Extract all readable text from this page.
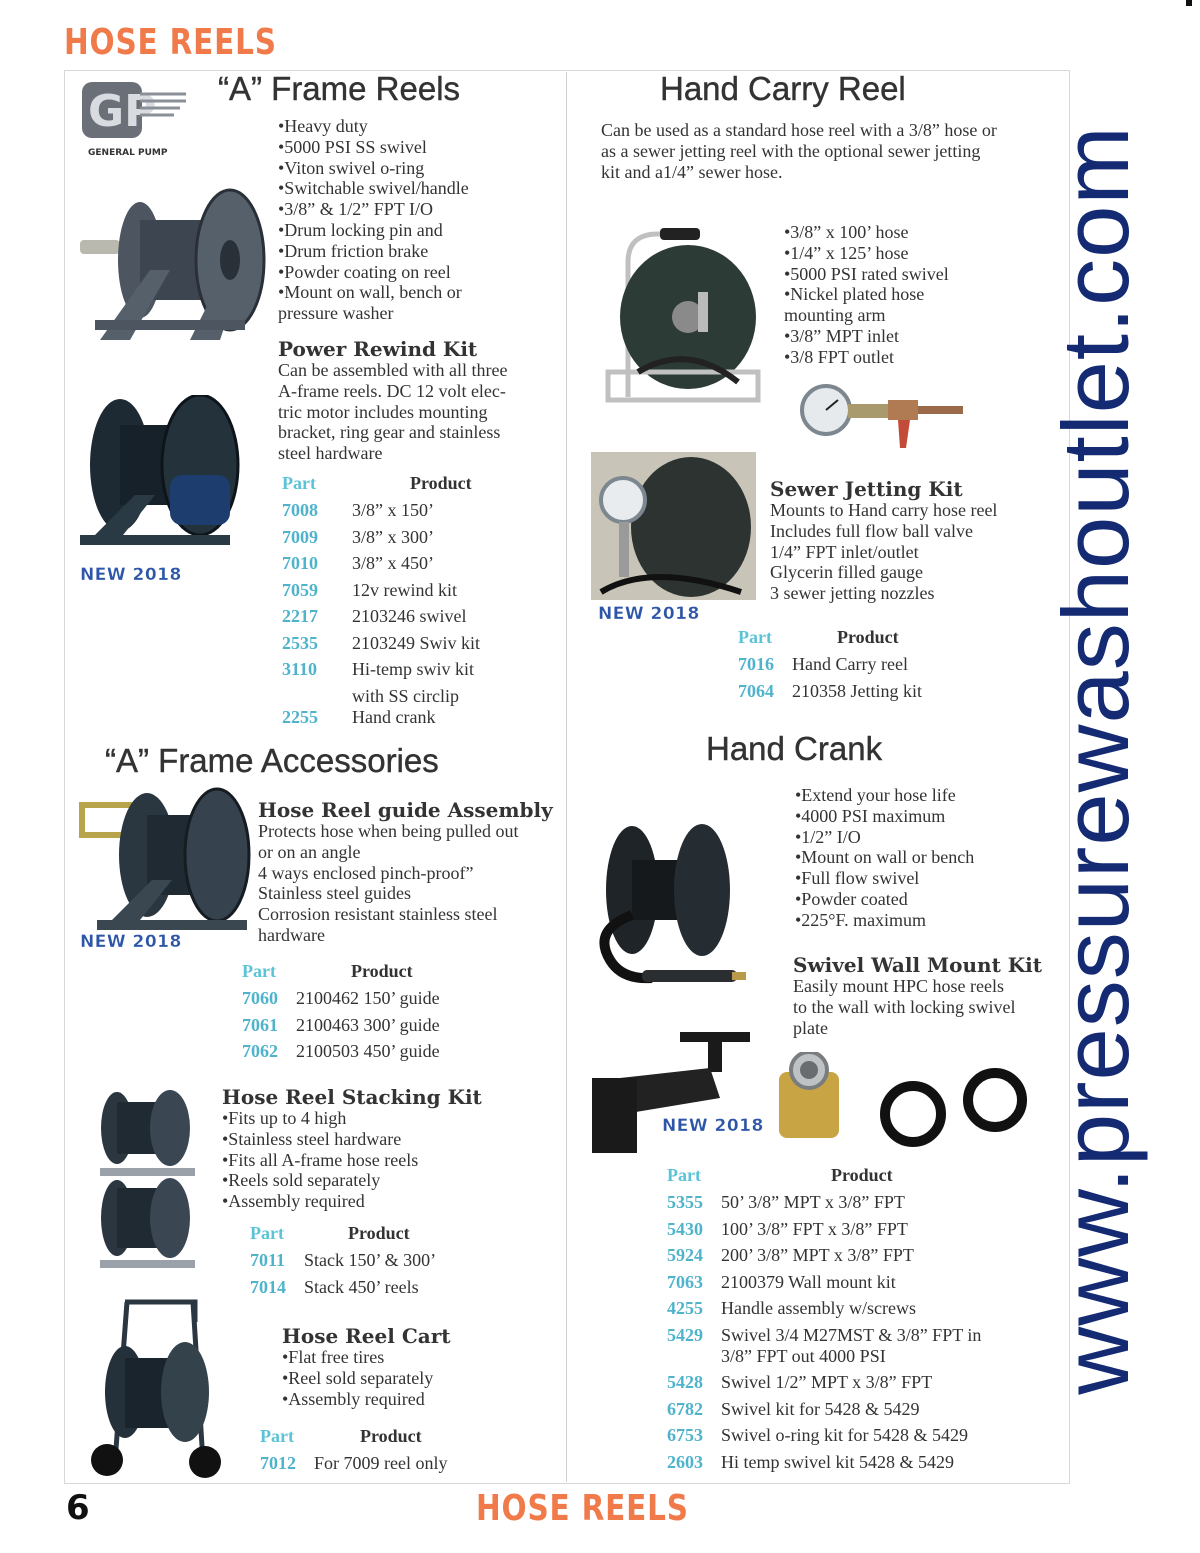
HOSE REELS
GP
GENERAL PUMP
“A” Frame Reels
•Heavy duty
•5000 PSI SS swivel
•Viton swivel o-ring
•Switchable swivel/handle
•3/8” & 1/2” FPT I/O
•Drum locking pin and
•Drum friction brake
•Powder coating on reel
•Mount on wall, bench or
pressure washer
Power Rewind Kit
Can be assembled with all three
A-frame reels. DC 12 volt elec-
tric motor includes mounting
bracket, ring gear and stainless
steel hardware
NEW 2018
Part	Product
7008	3/8” x 150’
7009	3/8” x 300’
7010	3/8” x 450’
7059	12v rewind kit
2217	2103246 swivel
2535	2103249 Swiv kit
3110	Hi-temp swiv kit
	with SS circlip
2255	Hand crank
“A” Frame Accessories
NEW 2018
Hose Reel guide Assembly
Protects hose when being pulled out
or on an angle
4 ways enclosed pinch-proof”
Stainless steel guides
Corrosion resistant stainless steel
hardware
Part	Product
7060	2100462 150’ guide
7061	2100463 300’ guide
7062	2100503 450’ guide
Hose Reel Stacking Kit
•Fits up to 4 high
•Stainless steel hardware
•Fits all A-frame hose reels
•Reels sold separately
•Assembly required
Part	Product
7011	Stack 150’ & 300’
7014	Stack 450’ reels
Hose Reel Cart
•Flat free tires
•Reel sold separately
•Assembly required
Part	Product
7012	For 7009 reel only
Hand Carry Reel
Can be used as a standard hose reel with a 3/8” hose or
as a sewer jetting reel with the optional sewer jetting
kit and a1/4” sewer hose.
•3/8” x 100’ hose
•1/4” x 125’ hose
•5000 PSI rated swivel
•Nickel plated hose
mounting arm
•3/8” MPT inlet
•3/8 FPT outlet
NEW 2018
Sewer Jetting Kit
Mounts to Hand carry hose reel
Includes full flow ball valve
1/4” FPT inlet/outlet
Glycerin filled gauge
3 sewer jetting nozzles
Part	Product
7016	Hand Carry reel
7064	210358 Jetting kit
Hand Crank
•Extend your hose life
•4000 PSI maximum
•1/2” I/O
•Mount on wall or bench
•Full flow swivel
•Powder coated
•225°F. maximum
Swivel Wall Mount Kit
Easily mount HPC hose reels
to the wall with locking swivel
plate
NEW 2018
Part	Product
5355	50’ 3/8” MPT x 3/8” FPT
5430	100’ 3/8” FPT x 3/8” FPT
5924	200’ 3/8” MPT x 3/8” FPT
7063	2100379 Wall mount kit
4255	Handle assembly w/screws
5429	Swivel 3/4 M27MST & 3/8” FPT in
	3/8” FPT out 4000 PSI
5428	Swivel 1/2” MPT x 3/8” FPT
6782	Swivel kit for 5428 & 5429
6753	Swivel o-ring kit for 5428 & 5429
2603	Hi temp swivel kit 5428 & 5429
www.pressurewashoutlet.com
6	HOSE REELS
